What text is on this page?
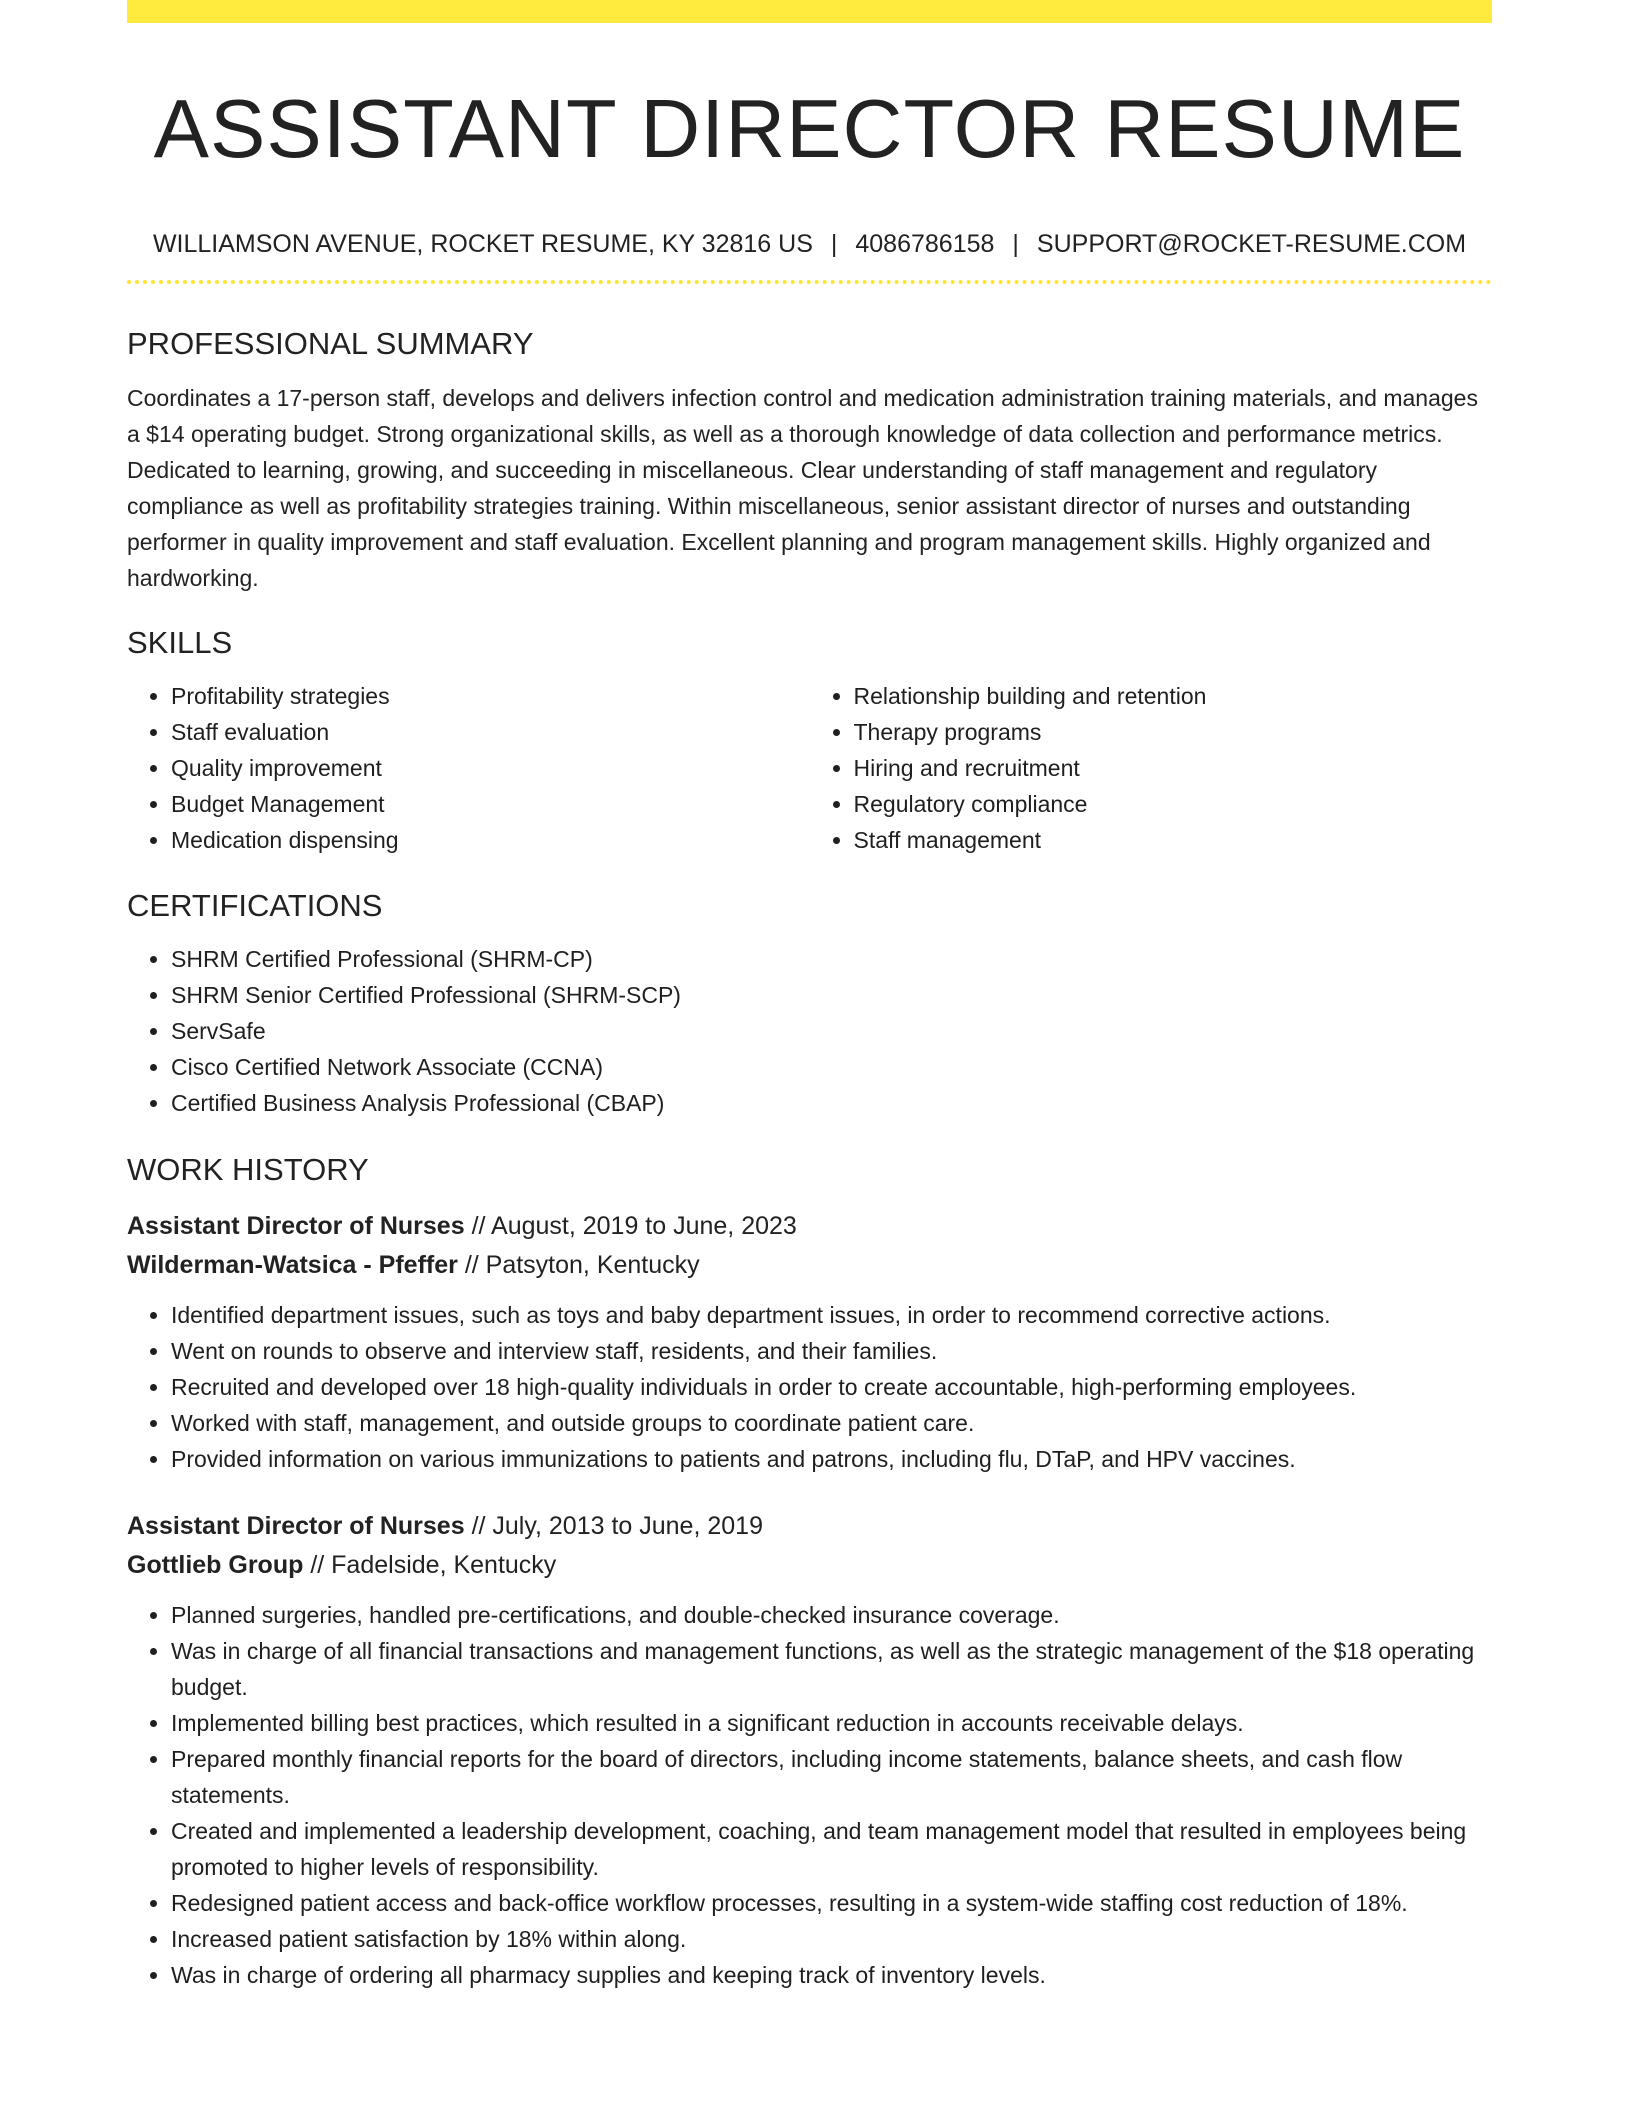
ASSISTANT DIRECTOR RESUME
WILLIAMSON AVENUE, ROCKET RESUME, KY 32816 US | 4086786158 | SUPPORT@ROCKET-RESUME.COM
PROFESSIONAL SUMMARY

Coordinates a 17-person staff, develops and delivers infection control and medication administration training materials, and manages a $14 operating budget. Strong organizational skills, as well as a thorough knowledge of data collection and performance metrics. Dedicated to learning, growing, and succeeding in miscellaneous. Clear understanding of staff management and regulatory compliance as well as profitability strategies training. Within miscellaneous, senior assistant director of nurses and outstanding performer in quality improvement and staff evaluation. Excellent planning and program management skills. Highly organized and hardworking.

SKILLS
• Profitability strategies
• Staff evaluation
• Quality improvement
• Budget Management
• Medication dispensing
• Relationship building and retention
• Therapy programs
• Hiring and recruitment
• Regulatory compliance
• Staff management
CERTIFICATIONS
• SHRM Certified Professional (SHRM-CP)
• SHRM Senior Certified Professional (SHRM-SCP)
• ServSafe
• Cisco Certified Network Associate (CCNA)
• Certified Business Analysis Professional (CBAP)
WORK HISTORY
Assistant Director of Nurses // August, 2019 to June, 2023
Wilderman-Watsica - Pfeffer // Patsyton, Kentucky
• Identified department issues, such as toys and baby department issues, in order to recommend corrective actions.
• Went on rounds to observe and interview staff, residents, and their families.
• Recruited and developed over 18 high-quality individuals in order to create accountable, high-performing employees.
• Worked with staff, management, and outside groups to coordinate patient care.
• Provided information on various immunizations to patients and patrons, including flu, DTaP, and HPV vaccines.
Assistant Director of Nurses // July, 2013 to June, 2019
Gottlieb Group // Fadelside, Kentucky
• Planned surgeries, handled pre-certifications, and double-checked insurance coverage.
• Was in charge of all financial transactions and management functions, as well as the strategic management of the $18 operating budget.
• Implemented billing best practices, which resulted in a significant reduction in accounts receivable delays.
• Prepared monthly financial reports for the board of directors, including income statements, balance sheets, and cash flow statements.
• Created and implemented a leadership development, coaching, and team management model that resulted in employees being promoted to higher levels of responsibility.
• Redesigned patient access and back-office workflow processes, resulting in a system-wide staffing cost reduction of 18%.
• Increased patient satisfaction by 18% within along.
• Was in charge of ordering all pharmacy supplies and keeping track of inventory levels.
